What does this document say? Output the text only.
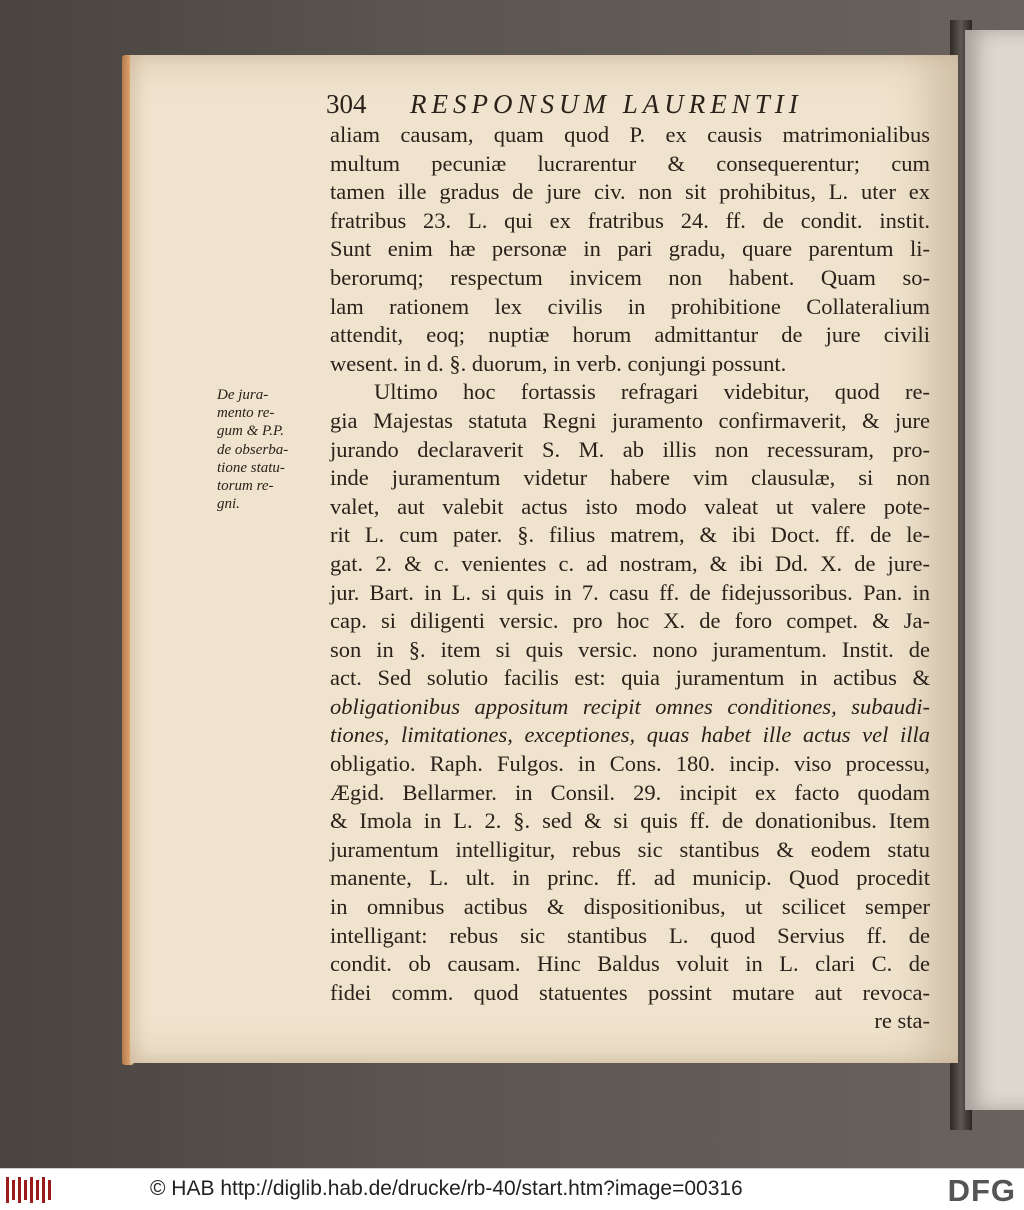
304 RESPONSUM LAURENTII
De jura-
mento re-
gum & P.P.
de obserba-
tione statu-
torum re-
gni.
aliam causam, quam quod P. ex causis matrimonialibus
multum pecuniæ lucrarentur & consequerentur; cum
tamen ille gradus de jure civ. non sit prohibitus, L. uter ex
fratribus 23. L. qui ex fratribus 24. ff. de condit. instit.
Sunt enim hæ personæ in pari gradu, quare parentum li-
berorumq; respectum invicem non habent. Quam so-
lam rationem lex civilis in prohibitione Collateralium
attendit, eoq; nuptiæ horum admittantur de jure civili
wesent. in d. §. duorum, in verb. conjungi possunt.
Ultimo hoc fortassis refragari videbitur, quod re-
gia Majestas statuta Regni juramento confirmaverit, & jure
jurando declaraverit S. M. ab illis non recessuram, pro-
inde juramentum videtur habere vim clausulæ, si non
valet, aut valebit actus isto modo valeat ut valere pote-
rit L. cum pater. §. filius matrem, & ibi Doct. ff. de le-
gat. 2. & c. venientes c. ad nostram, & ibi Dd. X. de jure-
jur. Bart. in L. si quis in 7. casu ff. de fidejussoribus. Pan. in
cap. si diligenti versic. pro hoc X. de foro compet. & Ja-
son in §. item si quis versic. nono juramentum. Instit. de
act. Sed solutio facilis est: quia juramentum in actibus &
obligationibus appositum recipit omnes conditiones, subaudi-
tiones, limitationes, exceptiones, quas habet ille actus vel illa
obligatio. Raph. Fulgos. in Cons. 180. incip. viso processu,
Ægid. Bellarmer. in Consil. 29. incipit ex facto quodam
& Imola in L. 2. §. sed & si quis ff. de donationibus. Item
juramentum intelligitur, rebus sic stantibus & eodem statu
manente, L. ult. in princ. ff. ad municip. Quod procedit
in omnibus actibus & dispositionibus, ut scilicet semper
intelligant: rebus sic stantibus L. quod Servius ff. de
condit. ob causam. Hinc Baldus voluit in L. clari C. de
fidei comm. quod statuentes possint mutare aut revoca-
re sta-
© HAB http://diglib.hab.de/drucke/rb-40/start.htm?image=00316	DFG
